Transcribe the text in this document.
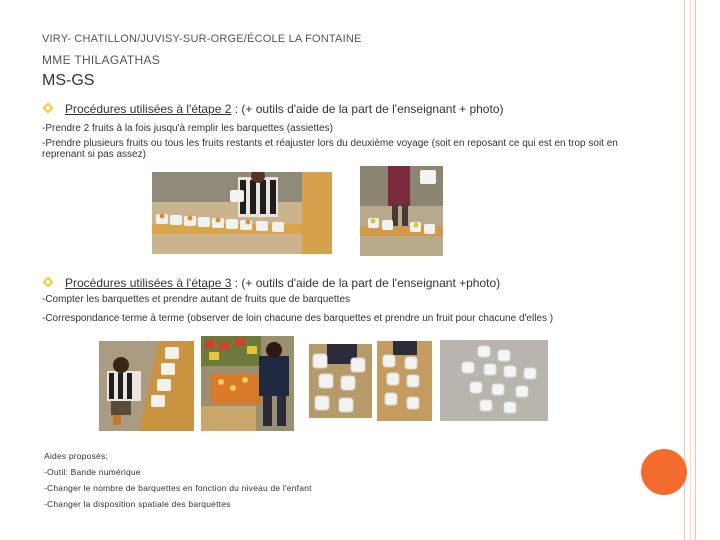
VIRY- CHATILLON/JUVISY-SUR-ORGE/ÉCOLE LA FONTAINE
MME THILAGATHAS
MS-GS
Procédures utilisées à l'étape 2 : (+ outils d'aide de la part de l'enseignant + photo)
-Prendre 2 fruits à la fois jusqu'à remplir les barquettes (assiettes)
-Prendre plusieurs fruits ou tous les fruits restants et réajuster lors du deuxième voyage (soit en reposant ce qui est en trop soit en reprenant si pas assez)
Procédures utilisées à l'étape 3 : (+ outils d'aide de la part de l'enseignant +photo)
-Compter les barquettes et prendre autant de fruits que de barquettes
-Correspondance terme à terme (observer de loin chacune des barquettes et prendre un fruit pour chacune d'elles )
Aides proposés:
-Outil: Bande numérique
-Changer le nombre de barquettes en fonction du niveau de l'enfant
-Changer la disposition spatiale des barquettes
